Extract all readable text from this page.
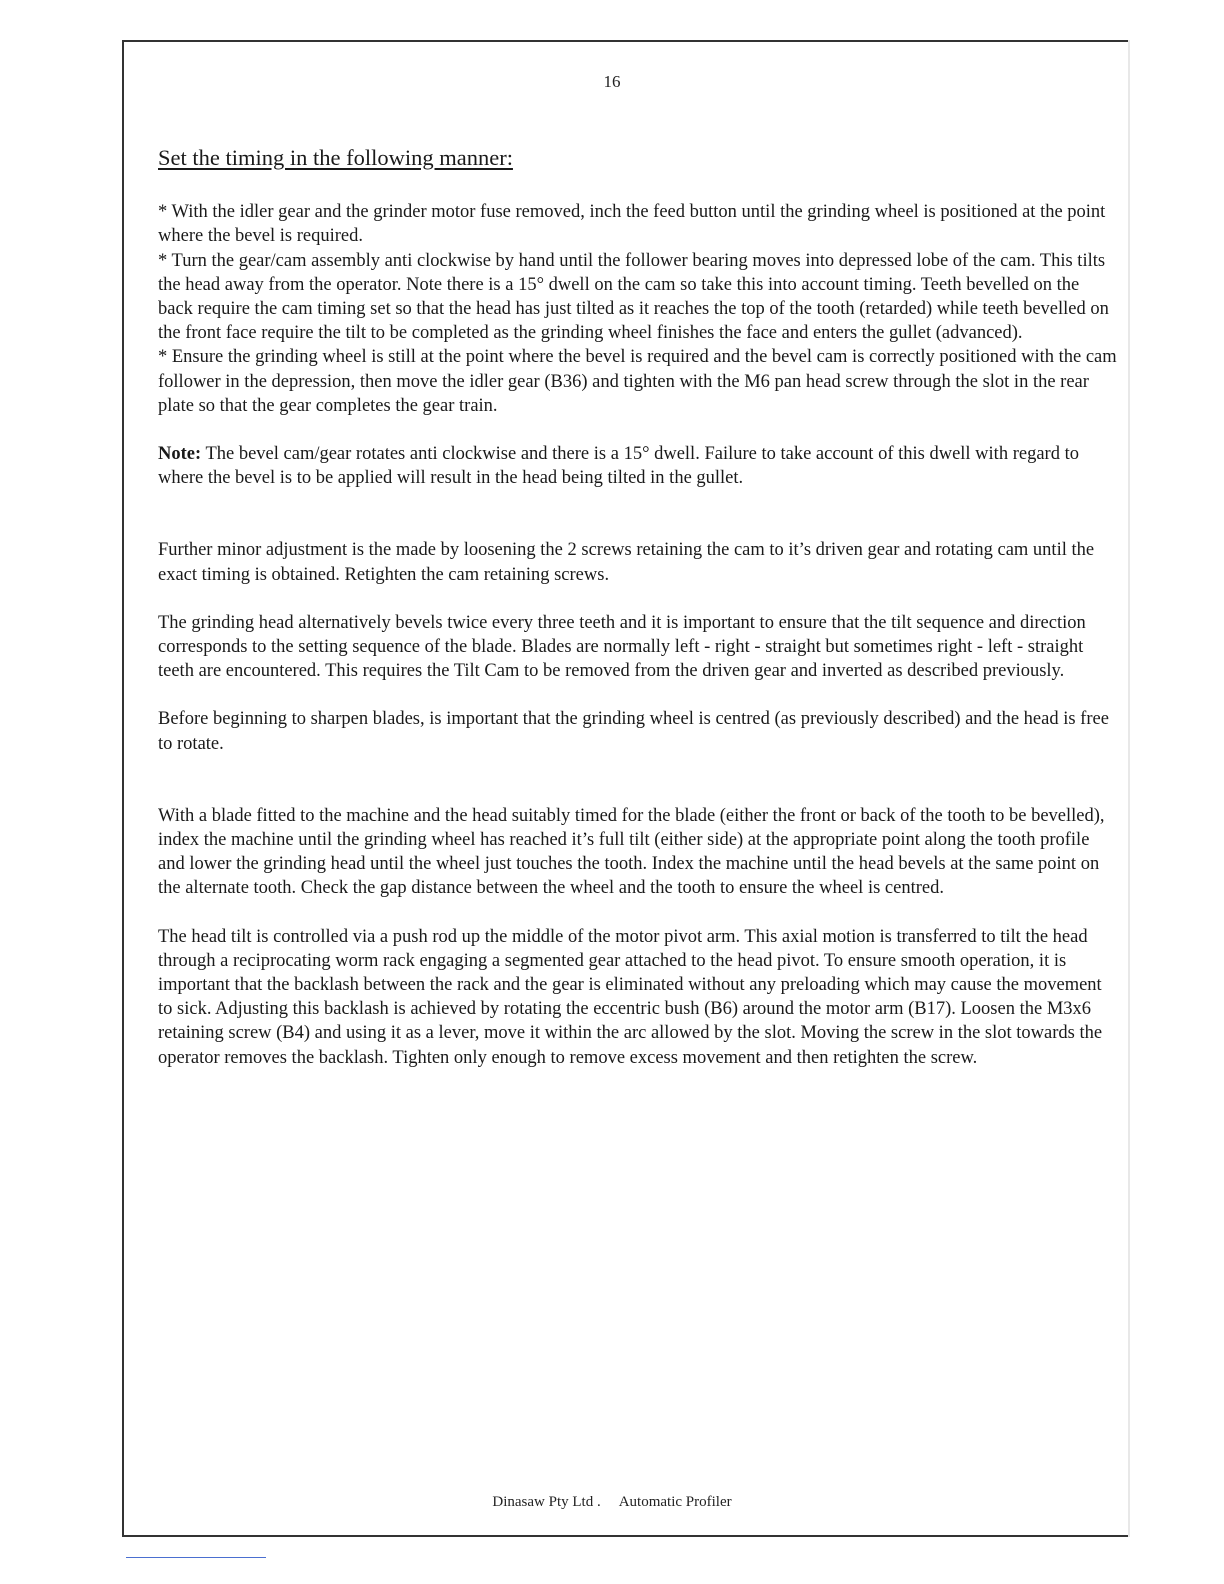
16
Set the timing in the following manner:

* With the idler gear and the grinder motor fuse removed, inch the feed button until the grinding wheel is positioned at the point where the bevel is required.

* Turn the gear/cam assembly anti clockwise by hand until the follower bearing moves into depressed lobe of the cam. This tilts the head away from the operator. Note there is a 15° dwell on the cam so take this into account timing. Teeth bevelled on the back require the cam timing set so that the head has just tilted as it reaches the top of the tooth (retarded) while teeth bevelled on the front face require the tilt to be completed as the grinding wheel finishes the face and enters the gullet (advanced).

* Ensure the grinding wheel is still at the point where the bevel is required and the bevel cam is correctly positioned with the cam follower in the depression, then move the idler gear (B36) and tighten with the M6 pan head screw through the slot in the rear plate so that the gear completes the gear train.

Note: The bevel cam/gear rotates anti clockwise and there is a 15° dwell. Failure to take account of this dwell with regard to where the bevel is to be applied will result in the head being tilted in the gullet.

Further minor adjustment is the made by loosening the 2 screws retaining the cam to it’s driven gear and rotating cam until the exact timing is obtained. Retighten the cam retaining screws.

The grinding head alternatively bevels twice every three teeth and it is important to ensure that the tilt sequence and direction corresponds to the setting sequence of the blade. Blades are normally left - right - straight but sometimes right - left - straight teeth are encountered. This requires the Tilt Cam to be removed from the driven gear and inverted as described previously.

Before beginning to sharpen blades, is important that the grinding wheel is centred (as previously described) and the head is free to rotate.

With a blade fitted to the machine and the head suitably timed for the blade (either the front or back of the tooth to be bevelled), index the machine until the grinding wheel has reached it’s full tilt (either side) at the appropriate point along the tooth profile and lower the grinding head until the wheel just touches the tooth. Index the machine until the head bevels at the same point on the alternate tooth. Check the gap distance between the wheel and the tooth to ensure the wheel is centred.

The head tilt is controlled via a push rod up the middle of the motor pivot arm. This axial motion is transferred to tilt the head through a reciprocating worm rack engaging a segmented gear attached to the head pivot. To ensure smooth operation, it is important that the backlash between the rack and the gear is eliminated without any preloading which may cause the movement to sick. Adjusting this backlash is achieved by rotating the eccentric bush (B6) around the motor arm (B17). Loosen the M3x6 retaining screw (B4) and using it as a lever, move it within the arc allowed by the slot. Moving the screw in the slot towards the operator removes the backlash. Tighten only enough to remove excess movement and then retighten the screw.

Dinasaw Pty Ltd . Automatic Profiler
